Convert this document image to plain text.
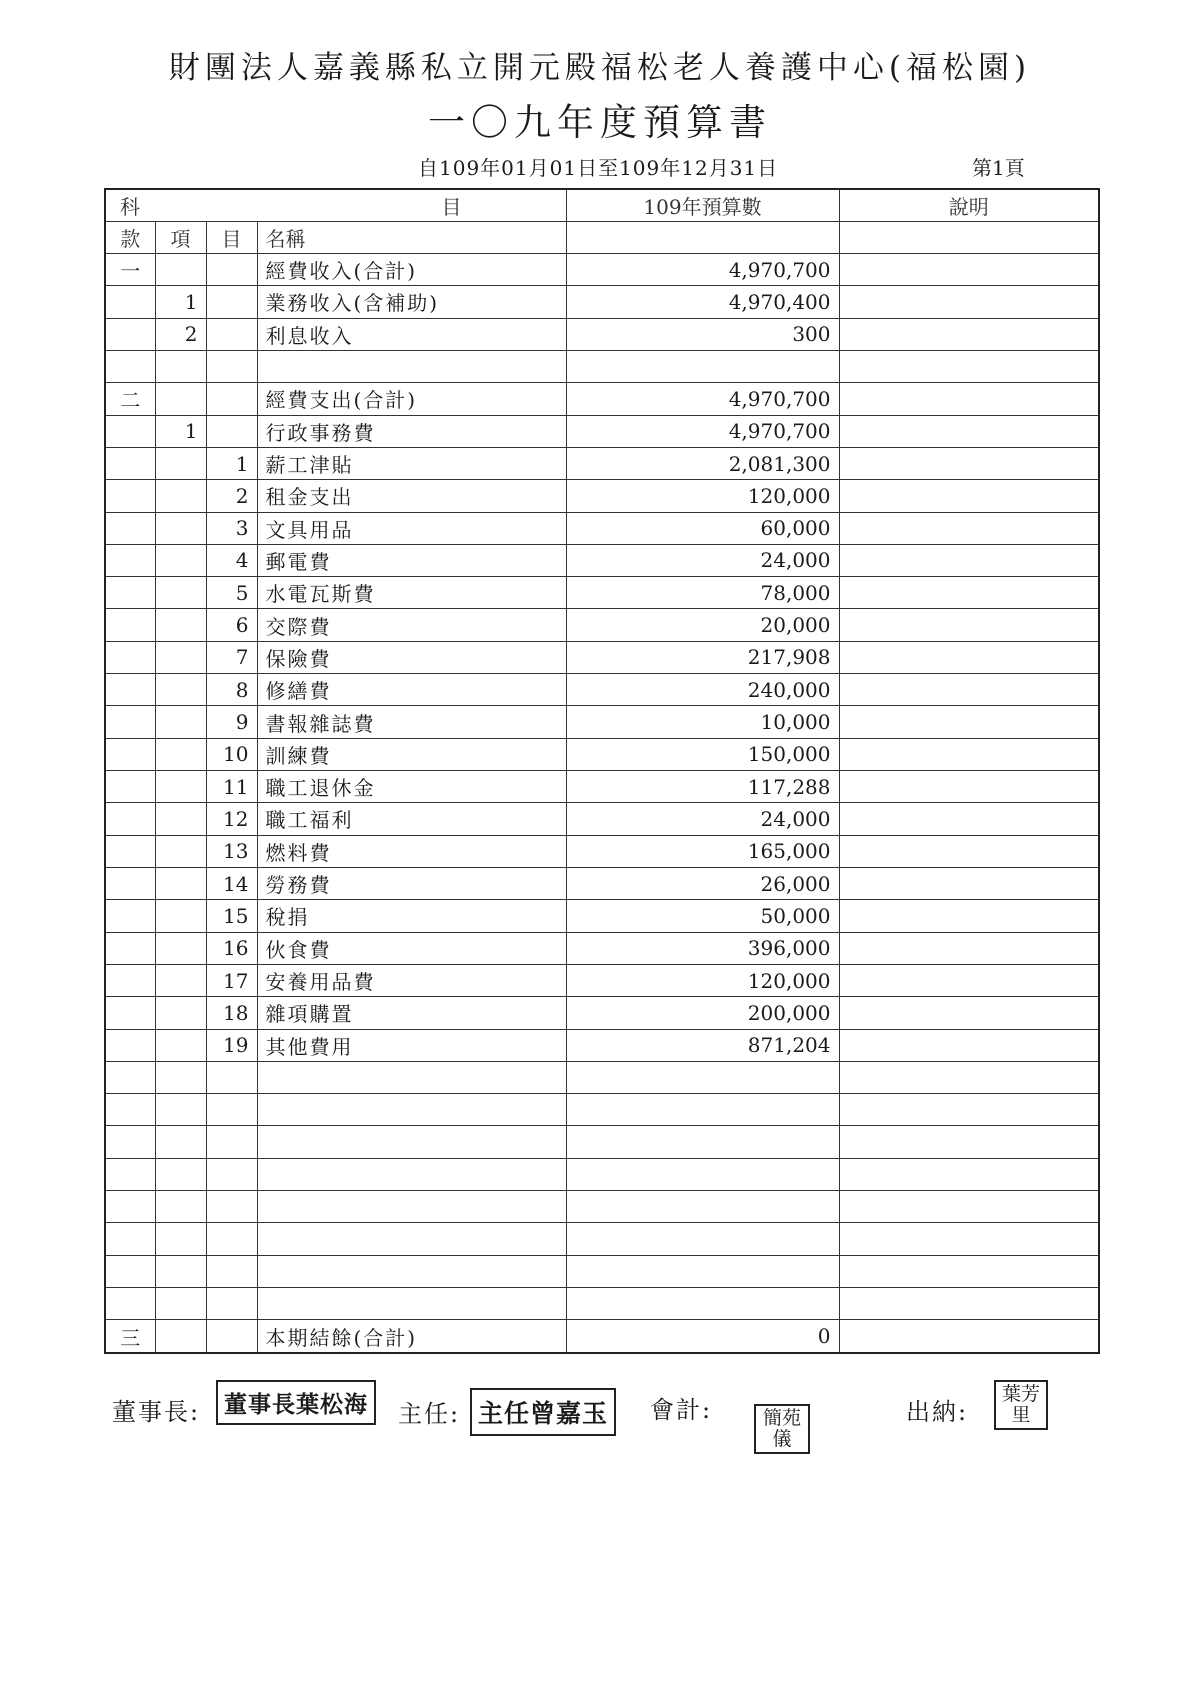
財團法人嘉義縣私立開元殿福松老人養護中心(福松園)
一〇九年度預算書
自109年01月01日至109年12月31日	第1頁
科 目				109年預算數	說明
款	項	目	名稱		
一			經費收入(合計)	4,970,700	
	1		業務收入(含補助)	4,970,400	
	2		利息收入	300	

二			經費支出(合計)	4,970,700	
	1		行政事務費	4,970,700	
		1	薪工津貼	2,081,300	
		2	租金支出	120,000	
		3	文具用品	60,000	
		4	郵電費	24,000	
		5	水電瓦斯費	78,000	
		6	交際費	20,000	
		7	保險費	217,908	
		8	修繕費	240,000	
		9	書報雜誌費	10,000	
		10	訓練費	150,000	
		11	職工退休金	117,288	
		12	職工福利	24,000	
		13	燃料費	165,000	
		14	勞務費	26,000	
		15	稅捐	50,000	
		16	伙食費	396,000	
		17	安養用品費	120,000	
		18	雜項購置	200,000	
		19	其他費用	871,204	

三			本期結餘(合計)	0	
董事長:	董事長葉松海	主任: 主任曾嘉玉	會計:	簡苑儀
出納:
葉芳里
